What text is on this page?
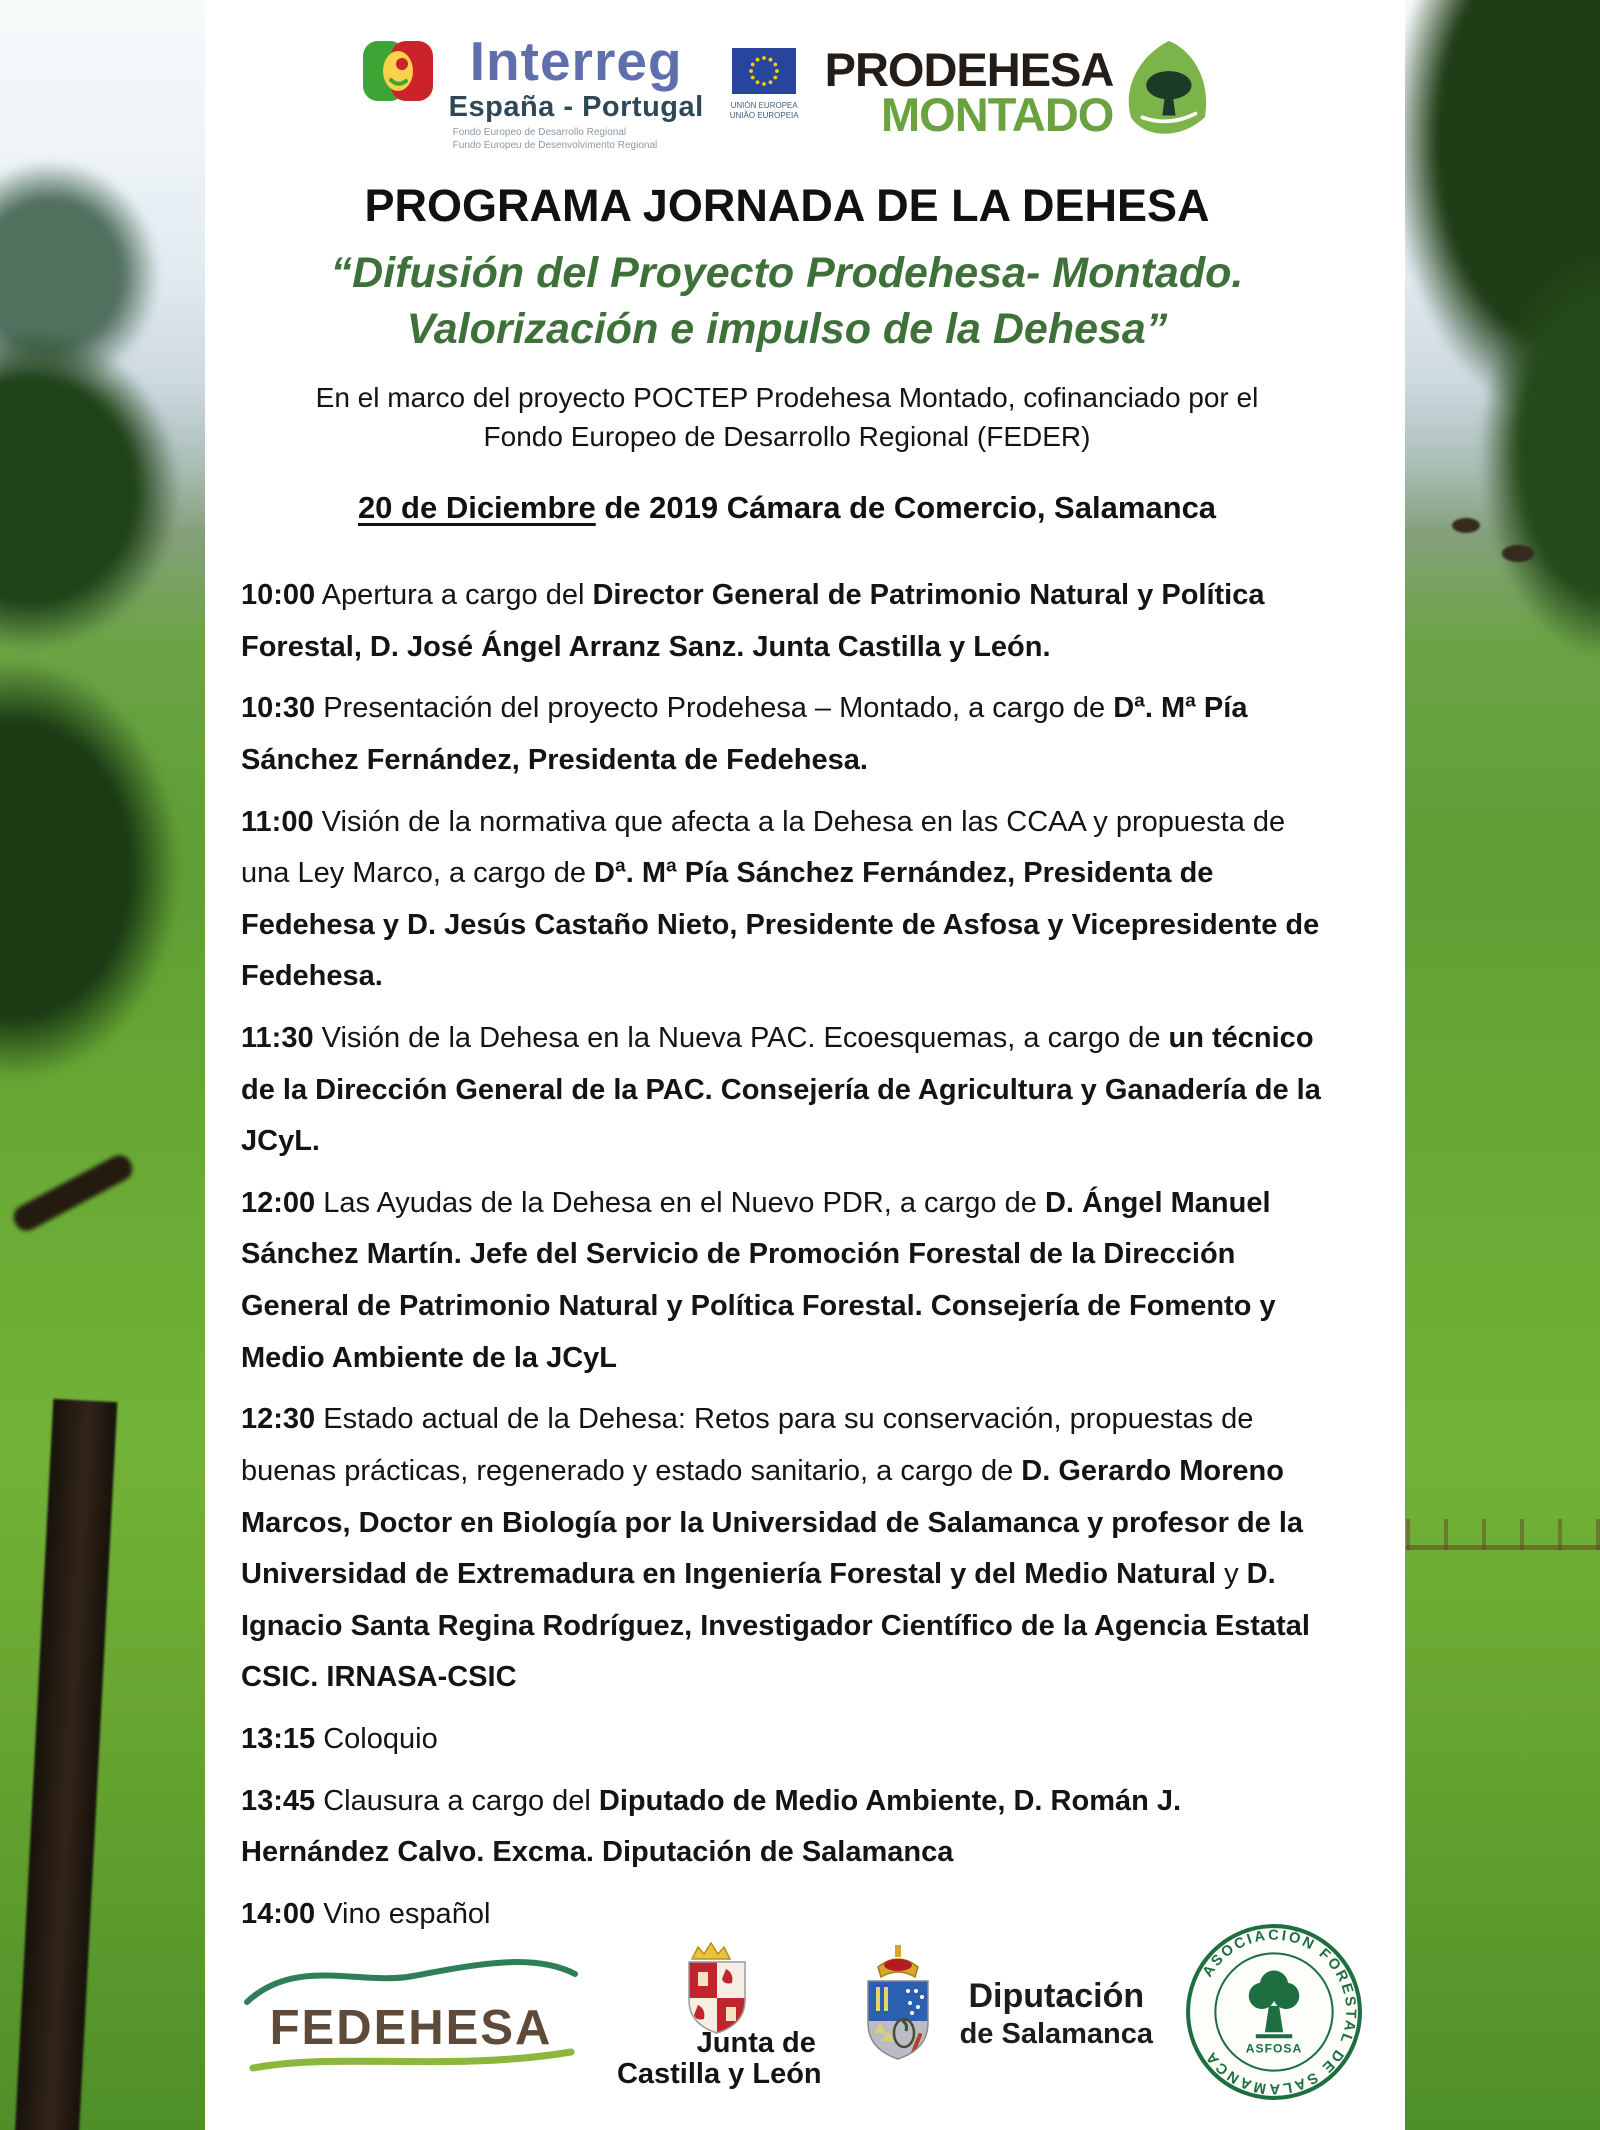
Interreg
España - Portugal
Fondo Europeo de Desarrollo Regional
Fundo Europeu de Desenvolvimento Regional
UNIÓN EUROPEA
UNIÃO EUROPEIA
PRODEHESA
MONTADO
PROGRAMA JORNADA DE LA DEHESA
“Difusión del Proyecto Prodehesa- Montado.
Valorización e impulso de la Dehesa”
En el marco del proyecto POCTEP Prodehesa Montado, cofinanciado por el
Fondo Europeo de Desarrollo Regional (FEDER)
20 de Diciembre de 2019 Cámara de Comercio, Salamanca

10:00 Apertura a cargo del Director General de Patrimonio Natural y Política Forestal, D. José Ángel Arranz Sanz. Junta Castilla y León.

10:30 Presentación del proyecto Prodehesa – Montado, a cargo de Dª. Mª Pía Sánchez Fernández, Presidenta de Fedehesa.

11:00 Visión de la normativa que afecta a la Dehesa en las CCAA y propuesta de una Ley Marco, a cargo de Dª. Mª Pía Sánchez Fernández, Presidenta de Fedehesa y D. Jesús Castaño Nieto, Presidente de Asfosa y Vicepresidente de Fedehesa.

11:30 Visión de la Dehesa en la Nueva PAC. Ecoesquemas, a cargo de un técnico de la Dirección General de la PAC. Consejería de Agricultura y Ganadería de la JCyL.

12:00 Las Ayudas de la Dehesa en el Nuevo PDR, a cargo de D. Ángel Manuel Sánchez Martín. Jefe del Servicio de Promoción Forestal de la Dirección General de Patrimonio Natural y Política Forestal. Consejería de Fomento y Medio Ambiente de la JCyL

12:30 Estado actual de la Dehesa: Retos para su conservación, propuestas de buenas prácticas, regenerado y estado sanitario, a cargo de D. Gerardo Moreno Marcos, Doctor en Biología por la Universidad de Salamanca y profesor de la Universidad de Extremadura en Ingeniería Forestal y del Medio Natural y D. Ignacio Santa Regina Rodríguez, Investigador Científico de la Agencia Estatal CSIC. IRNASA-CSIC

13:15 Coloquio

13:45 Clausura a cargo del Diputado de Medio Ambiente, D. Román J. Hernández Calvo. Excma. Diputación de Salamanca

14:00 Vino español

FEDEHESA	Junta de
Castilla y León
Diputación
de Salamanca
ASOCIACIÓN FORESTAL DE SALAMANCA	ASFOSA
